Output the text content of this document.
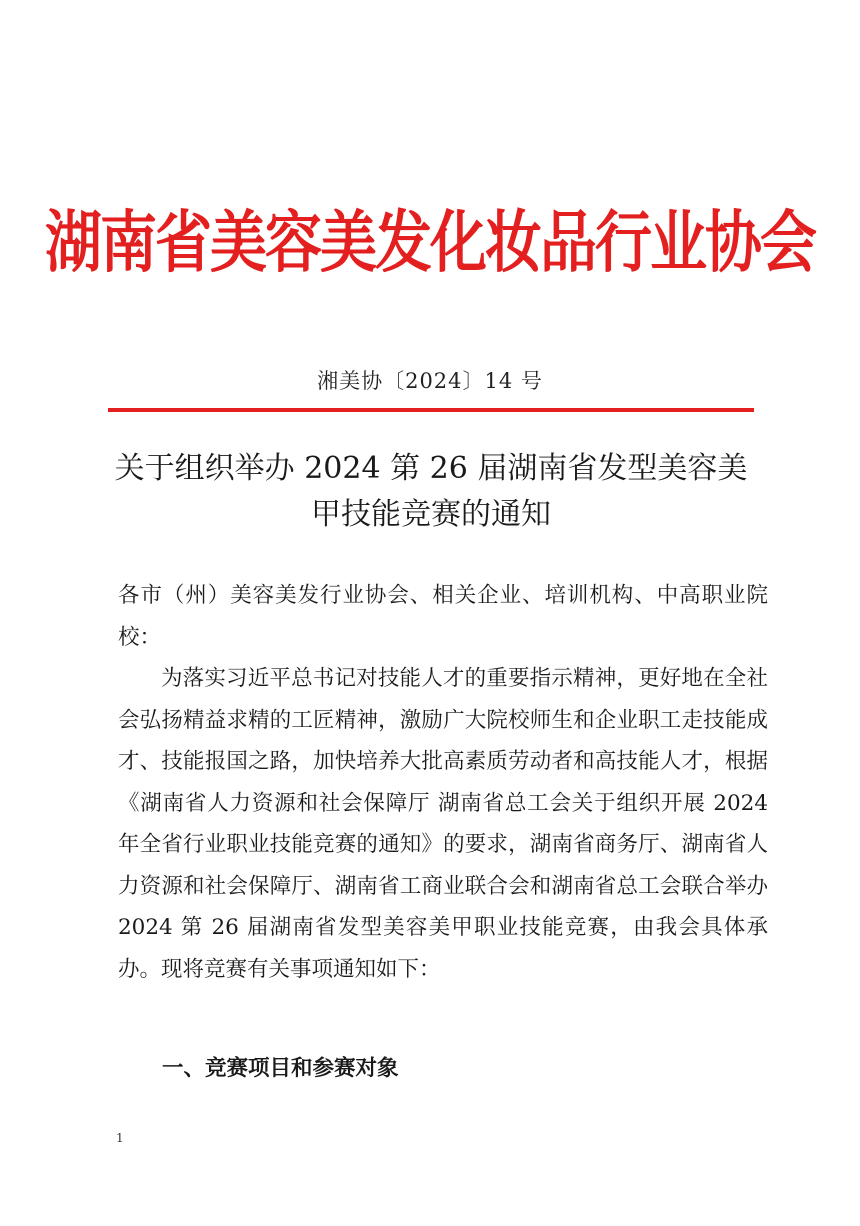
湖南省美容美发化妆品行业协会
湘美协〔2024〕14 号
关于组织举办 2024 第 26 届湖南省发型美容美
甲技能竞赛的通知
各市（州）美容美发行业协会、相关企业、培训机构、中高职业院校：
为落实习近平总书记对技能人才的重要指示精神，更好地在全社会弘扬精益求精的工匠精神，激励广大院校师生和企业职工走技能成才、技能报国之路，加快培养大批高素质劳动者和高技能人才，根据《湖南省人力资源和社会保障厅 湖南省总工会关于组织开展 2024 年全省行业职业技能竞赛的通知》的要求，湖南省商务厅、湖南省人力资源和社会保障厅、湖南省工商业联合会和湖南省总工会联合举办 2024 第 26 届湖南省发型美容美甲职业技能竞赛，由我会具体承办。现将竞赛有关事项通知如下：
一、竞赛项目和参赛对象
1
